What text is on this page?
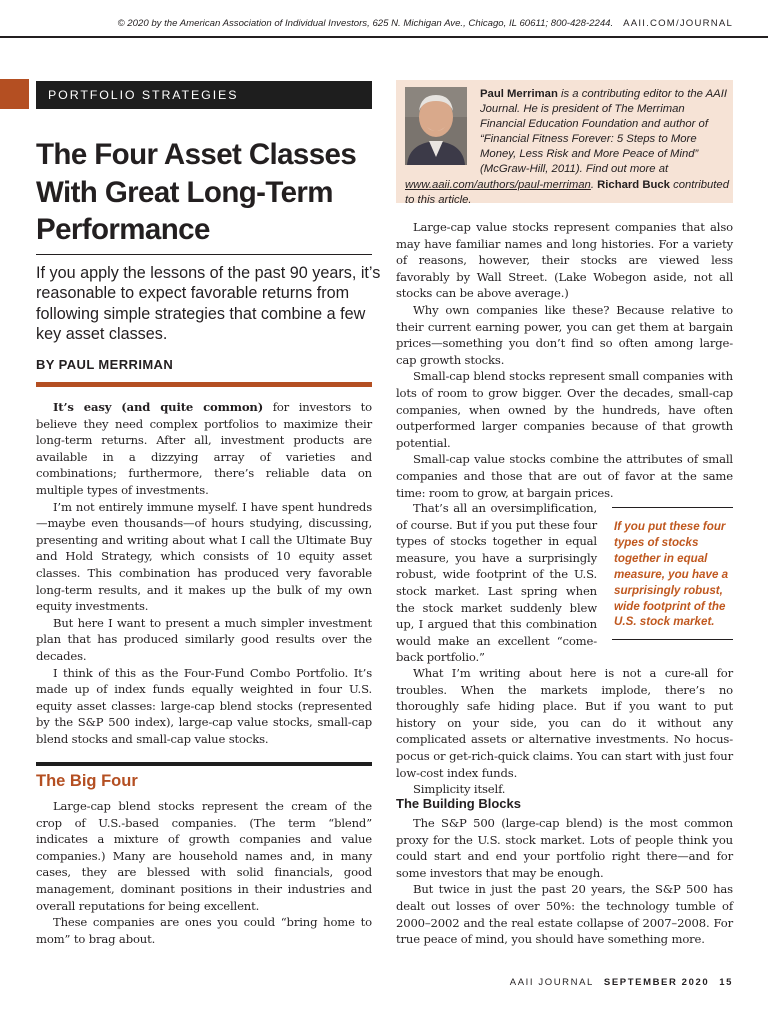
© 2020 by the American Association of Individual Investors, 625 N. Michigan Ave., Chicago, IL 60611; 800-428-2244. AAII.COM/JOURNAL
PORTFOLIO STRATEGIES
The Four Asset Classes
With Great Long-Term
Performance
If you apply the lessons of the past 90 years, it’s reasonable to expect favorable returns from following simple strategies that combine a few key asset classes.
BY PAUL MERRIMAN

It’s easy (and quite common) for investors to believe they need complex portfolios to maximize their long-term returns. After all, investment products are available in a dizzying array of varieties and combinations; furthermore, there’s reliable data on multiple types of investments.

I’m not entirely immune myself. I have spent hundreds—maybe even thousands—of hours studying, discussing, presenting and writing about what I call the Ultimate Buy and Hold Strategy, which consists of 10 equity asset classes. This combination has produced very favorable long-term results, and it makes up the bulk of my own equity investments.

But here I want to present a much simpler investment plan that has produced similarly good results over the decades.

I think of this as the Four-Fund Combo Portfolio. It’s made up of index funds equally weighted in four U.S. equity asset classes: large-cap blend stocks (represented by the S&P 500 index), large-cap value stocks, small-cap blend stocks and small-cap value stocks.

The Big Four

Large-cap blend stocks represent the cream of the crop of U.S.-based companies. (The term “blend” indicates a mixture of growth companies and value companies.) Many are household names and, in many cases, they are blessed with solid financials, good management, dominant positions in their industries and overall reputations for being excellent.

These companies are ones you could “bring home to mom” to brag about.

Paul Merriman is a contributing editor to the AAII Journal. He is president of The Merriman Financial Education Foundation and author of “Financial Fitness Forever: 5 Steps to More Money, Less Risk and More Peace of Mind” (McGraw-Hill, 2011). Find out more at www.aaii.com/authors/paul-merriman. Richard Buck contributed to this article.

Large-cap value stocks represent companies that also may have familiar names and long histories. For a variety of reasons, however, their stocks are viewed less favorably by Wall Street. (Lake Wobegon aside, not all stocks can be above average.)

Why own companies like these? Because relative to their current earning power, you can get them at bargain prices—something you don’t find so often among large-cap growth stocks.

Small-cap blend stocks represent small companies with lots of room to grow bigger. Over the decades, small-cap companies, when owned by the hundreds, have often outperformed larger companies because of that growth potential.

Small-cap value stocks combine the attributes of small companies and those that are out of favor at the same time: room to grow, at bargain prices.

That’s all an oversimplification, of course. But if you put these four types of stocks together in equal measure, you have a surprisingly robust, wide footprint of the U.S. stock market. Last spring when the stock market suddenly blew up, I argued that this combination would make an excellent “come-back portfolio.”

What I’m writing about here is not a cure-all for troubles. When the markets implode, there’s no thoroughly safe hiding place. But if you want to put history on your side, you can do it without any complicated assets or alternative investments. No hocus-pocus or get-rich-quick claims. You can start with just four low-cost index funds.

Simplicity itself.

The Building Blocks

The S&P 500 (large-cap blend) is the most common proxy for the U.S. stock market. Lots of people think you could start and end your portfolio right there—and for some investors that may be enough.

But twice in just the past 20 years, the S&P 500 has dealt out losses of over 50%: the technology tumble of 2000–2002 and the real estate collapse of 2007–2008. For true peace of mind, you should have something more.

If you put these four types of stocks together in equal measure, you have a surprisingly robust, wide footprint of the U.S. stock market.
AAII JOURNAL SEPTEMBER 2020 15
